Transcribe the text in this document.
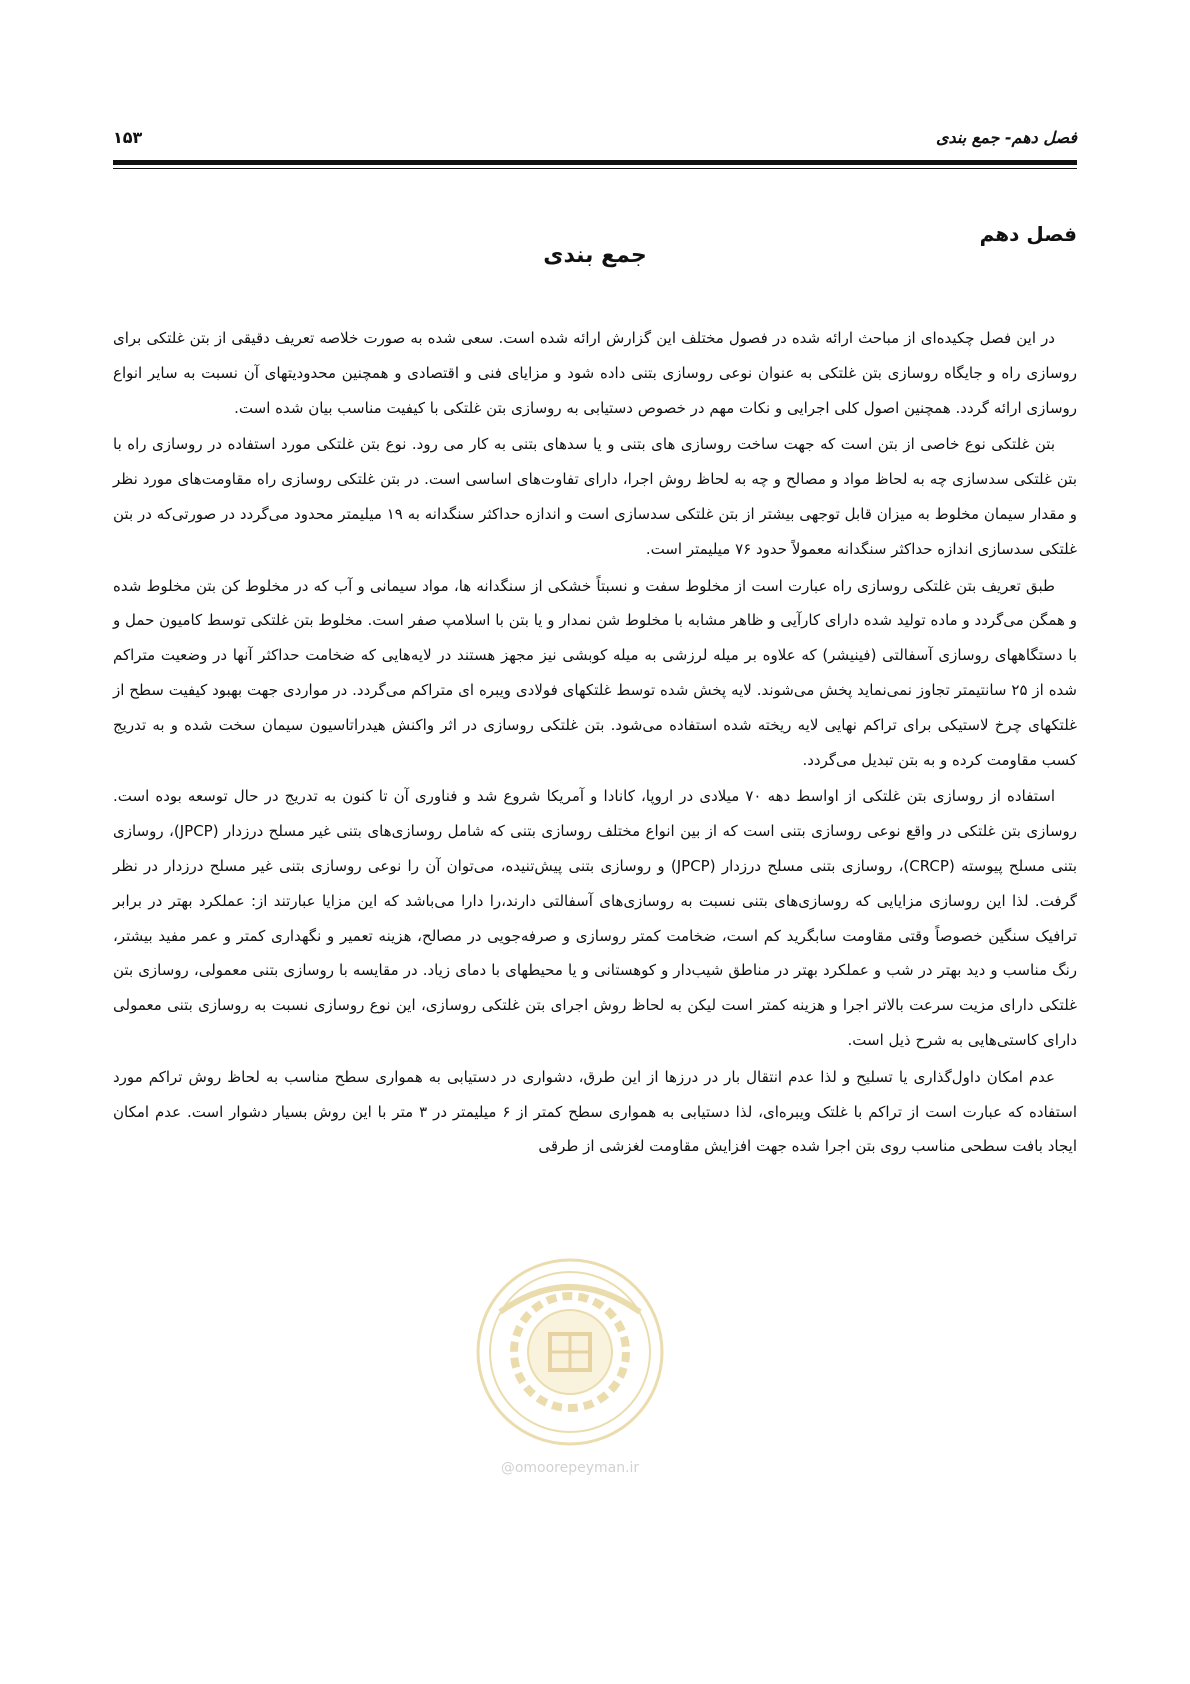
فصل دهم- جمع بندی
۱۵۳
فصل دهم
جمع بندی

در این فصل چکیده‌ای از مباحث ارائه شده در فصول مختلف این گزارش ارائه شده است. سعی شده به صورت خلاصه تعریف دقیقی از بتن غلتکی برای روسازی راه و جایگاه روسازی بتن غلتکی به عنوان نوعی روسازی بتنی داده شود و مزایای فنی و اقتصادی و همچنین محدودیتهای آن نسبت به سایر انواع روسازی ارائه گردد. همچنین اصول کلی اجرایی و نکات مهم در خصوص دستیابی به روسازی بتن غلتکی با کیفیت مناسب بیان شده است.

بتن غلتکی نوع خاصی از بتن است که جهت ساخت روسازی های بتنی و یا سدهای بتنی به کار می رود. نوع بتن غلتکی مورد استفاده در روسازی راه با بتن غلتکی سدسازی چه به لحاظ مواد و مصالح و چه به لحاظ روش اجرا، دارای تفاوت‌های اساسی است. در بتن غلتکی روسازی راه مقاومت‌های مورد نظر و مقدار سیمان مخلوط به میزان قابل توجهی بیشتر از بتن غلتکی سدسازی است و اندازه حداکثر سنگدانه به ۱۹ میلیمتر محدود می‌گردد در صورتی‌که در بتن غلتکی سدسازی اندازه حداکثر سنگدانه معمولاً حدود ۷۶ میلیمتر است.

طبق تعریف بتن غلتکی روسازی راه عبارت است از مخلوط سفت و نسبتاً خشکی از سنگدانه ها، مواد سیمانی و آب که در مخلوط کن بتن مخلوط شده و همگن می‌گردد و ماده تولید شده دارای کارآیی و ظاهر مشابه با مخلوط شن نمدار و یا بتن با اسلامپ صفر است. مخلوط بتن غلتکی توسط کامیون حمل و با دستگاههای روسازی آسفالتی (فینیشر) که علاوه بر میله لرزشی به میله کوبشی نیز مجهز هستند در لایه‌هایی که ضخامت حداکثر آنها در وضعیت متراکم شده از ۲۵ سانتیمتر تجاوز نمی‌نماید پخش می‌شوند. لایه پخش شده توسط غلتکهای فولادی ویبره ای متراکم می‌گردد. در مواردی جهت بهبود کیفیت سطح از غلتکهای چرخ لاستیکی برای تراکم نهایی لایه ریخته شده استفاده می‌شود. بتن غلتکی روسازی در اثر واکنش هیدراتاسیون سیمان سخت شده و به تدریج کسب مقاومت کرده و به بتن تبدیل می‌گردد.

استفاده از روسازی بتن غلتکی از اواسط دهه ۷۰ میلادی در اروپا، کانادا و آمریکا شروع شد و فناوری آن تا کنون به تدریج در حال توسعه بوده است. روسازی بتن غلتکی در واقع نوعی روسازی بتنی است که از بین انواع مختلف روسازی بتنی که شامل روسازی‌های بتنی غیر مسلح درزدار (JPCP)، روسازی بتنی مسلح پیوسته (CRCP)، روسازی بتنی مسلح درزدار (JPCP) و روسازی بتنی پیش‌تنیده، می‌توان آن را نوعی روسازی بتنی غیر مسلح درزدار در نظر گرفت. لذا این روسازی مزایایی که روسازی‌های بتنی نسبت به روسازی‌های آسفالتی دارند،را دارا می‌باشد که این مزایا عبارتند از: عملکرد بهتر در برابر ترافیک سنگین خصوصاً وقتی مقاومت سابگرید کم است، ضخامت کمتر روسازی و صرفه‌جویی در مصالح، هزینه تعمیر و نگهداری کمتر و عمر مفید بیشتر، رنگ مناسب و دید بهتر در شب و عملکرد بهتر در مناطق شیب‌دار و کوهستانی و یا محیطهای با دمای زیاد. در مقایسه با روسازی بتنی معمولی، روسازی بتن غلتکی دارای مزیت سرعت بالاتر اجرا و هزینه کمتر است لیکن به لحاظ روش اجرای بتن غلتکی روسازی، این نوع روسازی نسبت به روسازی بتنی معمولی دارای کاستی‌هایی به شرح ذیل است.

عدم امکان داول‌گذاری یا تسلیح و لذا عدم انتقال بار در درزها از این طرق، دشواری در دستیابی به همواری سطح مناسب به لحاظ روش تراکم مورد استفاده که عبارت است از تراکم با غلتک ویبره‌ای، لذا دستیابی به همواری سطح کمتر از ۶ میلیمتر در ۳ متر با این روش بسیار دشوار است. عدم امکان ایجاد بافت سطحی مناسب روی بتن اجرا شده جهت افزایش مقاومت لغزشی از طرقی

@omoorepeyman.ir
